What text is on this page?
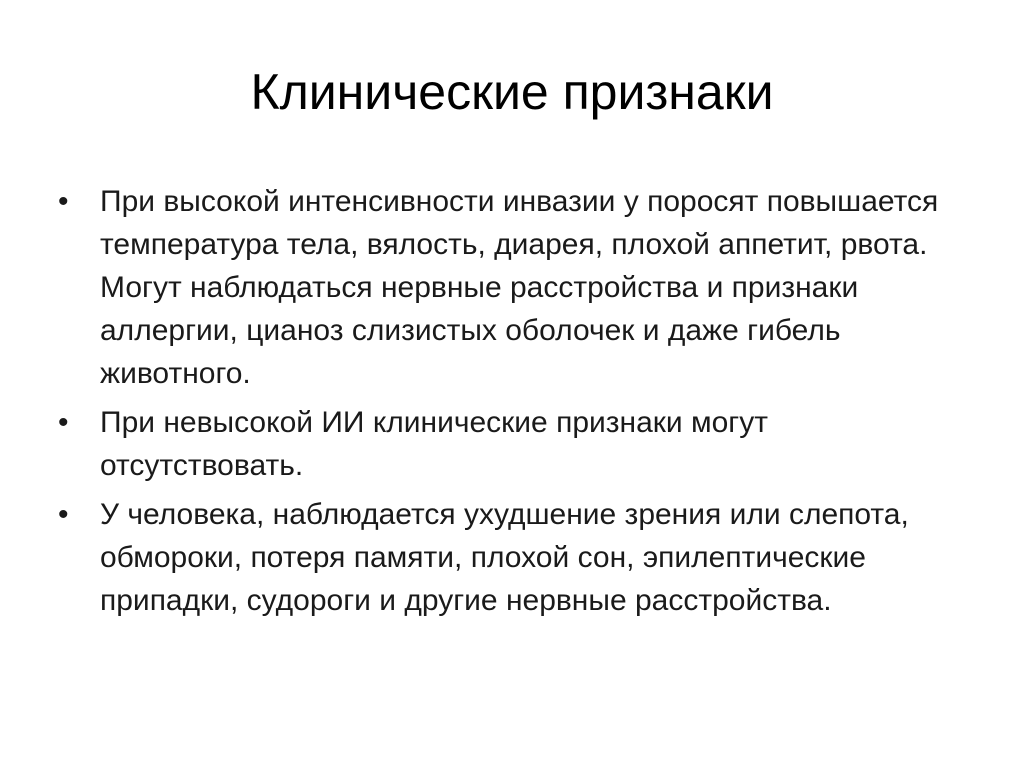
Клинические признаки
•	При высокой интенсивности инвазии у поросят повышается температура тела, вялость, диарея, плохой аппетит, рвота. Могут наблюдаться нервные расстройства и признаки аллергии, цианоз слизистых оболочек и даже гибель животного.
•	При невысокой ИИ клинические признаки могут отсутствовать.
•	У человека, наблюдается ухудшение зрения или слепота, обмороки, потеря памяти, плохой сон, эпилептические припадки, судороги и другие нервные расстройства.
